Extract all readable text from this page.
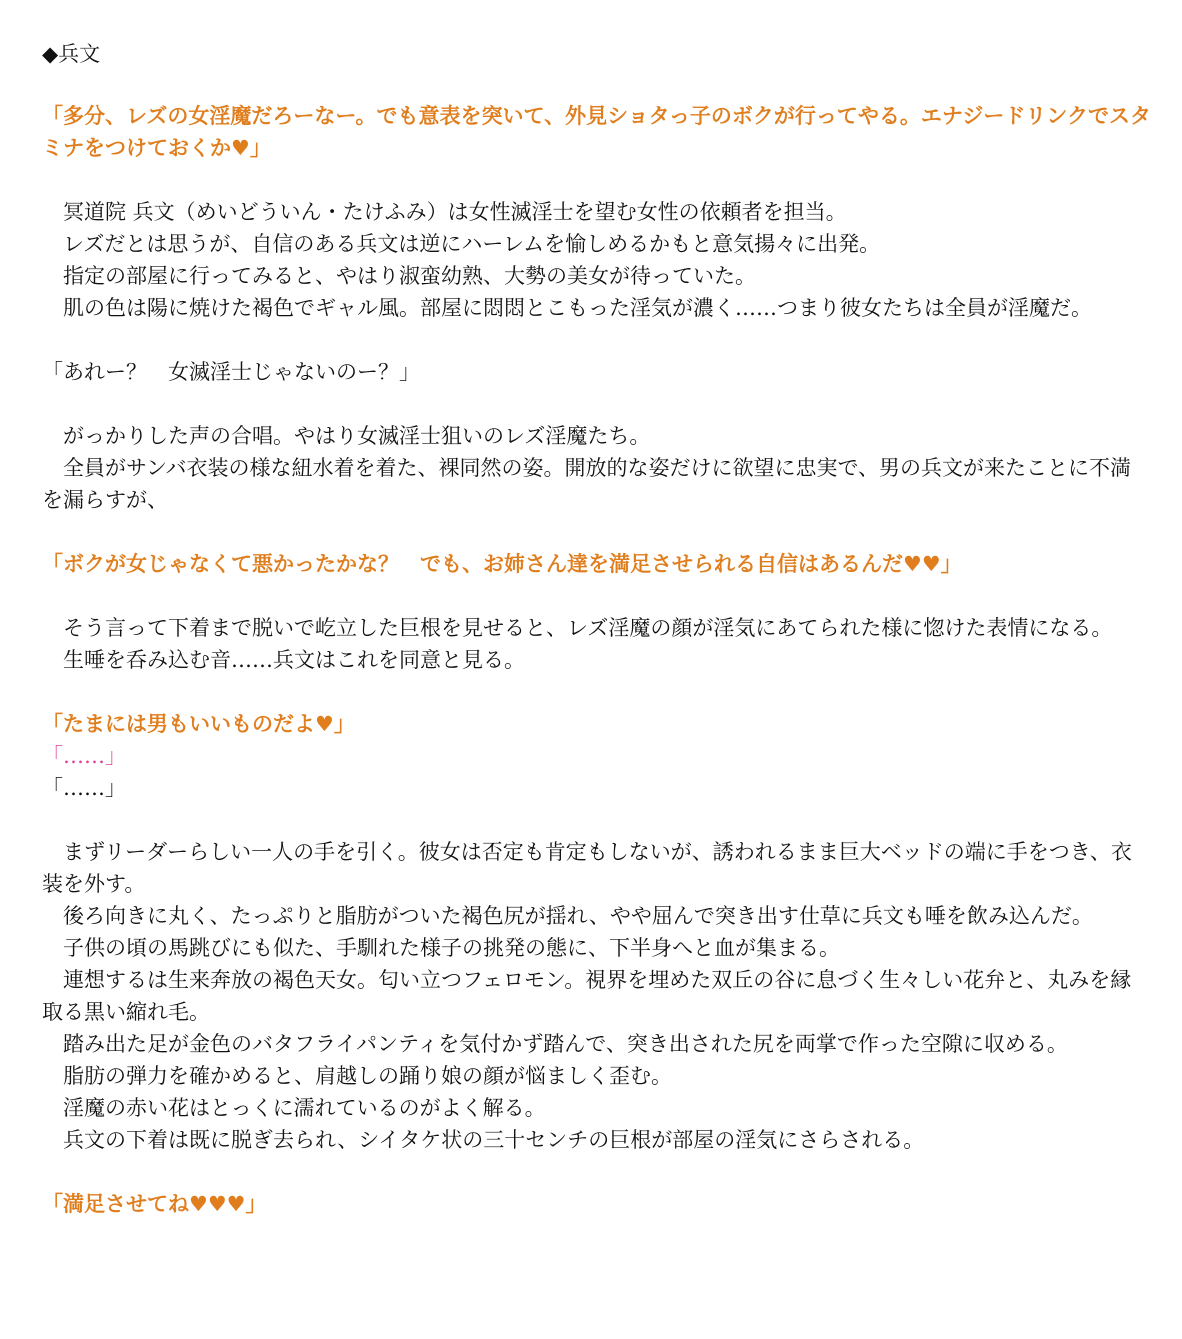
◆兵文
「多分、レズの女淫魔だろーなー。でも意表を突いて、外見ショタっ子のボクが行ってやる。エナジードリンクでスタミナをつけておくか♥」
　冥道院 兵文（めいどういん・たけふみ）は女性滅淫士を望む女性の依頼者を担当。
　レズだとは思うが、自信のある兵文は逆にハーレムを愉しめるかもと意気揚々に出発。
　指定の部屋に行ってみると、やはり淑蛮幼熟、大勢の美女が待っていた。
　肌の色は陽に焼けた褐色でギャル風。部屋に悶悶とこもった淫気が濃く……つまり彼女たちは全員が淫魔だ。
「あれー？　女滅淫士じゃないのー？」
　がっかりした声の合唱。やはり女滅淫士狙いのレズ淫魔たち。
　全員がサンバ衣装の様な紐水着を着た、裸同然の姿。開放的な姿だけに欲望に忠実で、男の兵文が来たことに不満を漏らすが、
「ボクが女じゃなくて悪かったかな？　でも、お姉さん達を満足させられる自信はあるんだ♥♥」
　そう言って下着まで脱いで屹立した巨根を見せると、レズ淫魔の顔が淫気にあてられた様に惚けた表情になる。
　生唾を呑み込む音……兵文はこれを同意と見る。
「たまには男もいいものだよ♥」
「……」
「……」
　まずリーダーらしい一人の手を引く。彼女は否定も肯定もしないが、誘われるまま巨大ベッドの端に手をつき、衣装を外す。
　後ろ向きに丸く、たっぷりと脂肪がついた褐色尻が揺れ、やや屈んで突き出す仕草に兵文も唾を飲み込んだ。
　子供の頃の馬跳びにも似た、手馴れた様子の挑発の態に、下半身へと血が集まる。
　連想するは生来奔放の褐色天女。匂い立つフェロモン。視界を埋めた双丘の谷に息づく生々しい花弁と、丸みを縁取る黒い縮れ毛。
　踏み出た足が金色のバタフライパンティを気付かず踏んで、突き出された尻を両掌で作った空隙に収める。
　脂肪の弾力を確かめると、肩越しの踊り娘の顔が悩ましく歪む。
　淫魔の赤い花はとっくに濡れているのがよく解る。
　兵文の下着は既に脱ぎ去られ、シイタケ状の三十センチの巨根が部屋の淫気にさらされる。
「満足させてね♥♥♥」
